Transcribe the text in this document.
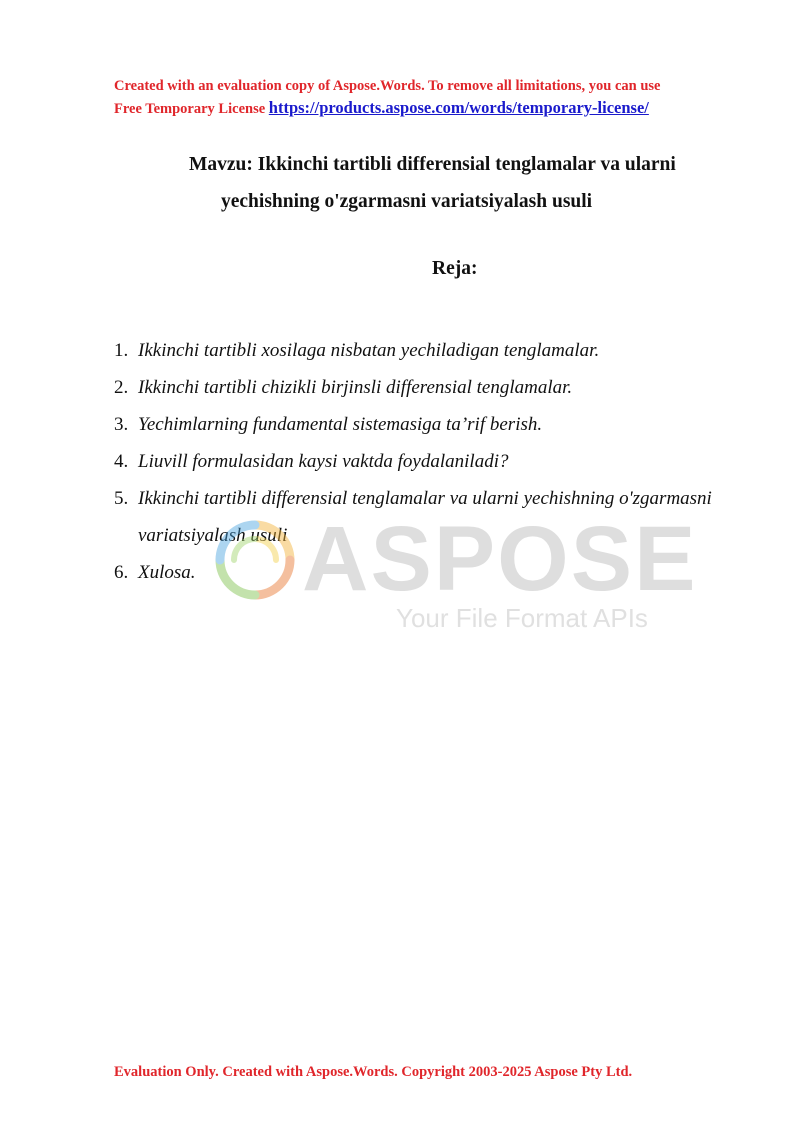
Created with an evaluation copy of Aspose.Words. To remove all limitations, you can use
Free Temporary License https://products.aspose.com/words/temporary-license/
Mavzu: Ikkinchi tartibli differensial tenglamalar va ularni
yechishning o'zgarmasni variatsiyalash usuli
Reja:
1. Ikkinchi tartibli xosilaga nisbatan yechiladigan tenglamalar.
2. Ikkinchi tartibli chizikli birjinsli differensial tenglamalar.
3. Yechimlarning fundamental sistemasiga ta’rif berish.
4. Liuvill formulasidan kaysi vaktda foydalaniladi?
5. Ikkinchi tartibli differensial tenglamalar va ularni yechishning o'zgarmasni variatsiyalash usuli
6. Xulosa.	ASPOSE
Your File Format APIs
Evaluation Only. Created with Aspose.Words. Copyright 2003-2025 Aspose Pty Ltd.
